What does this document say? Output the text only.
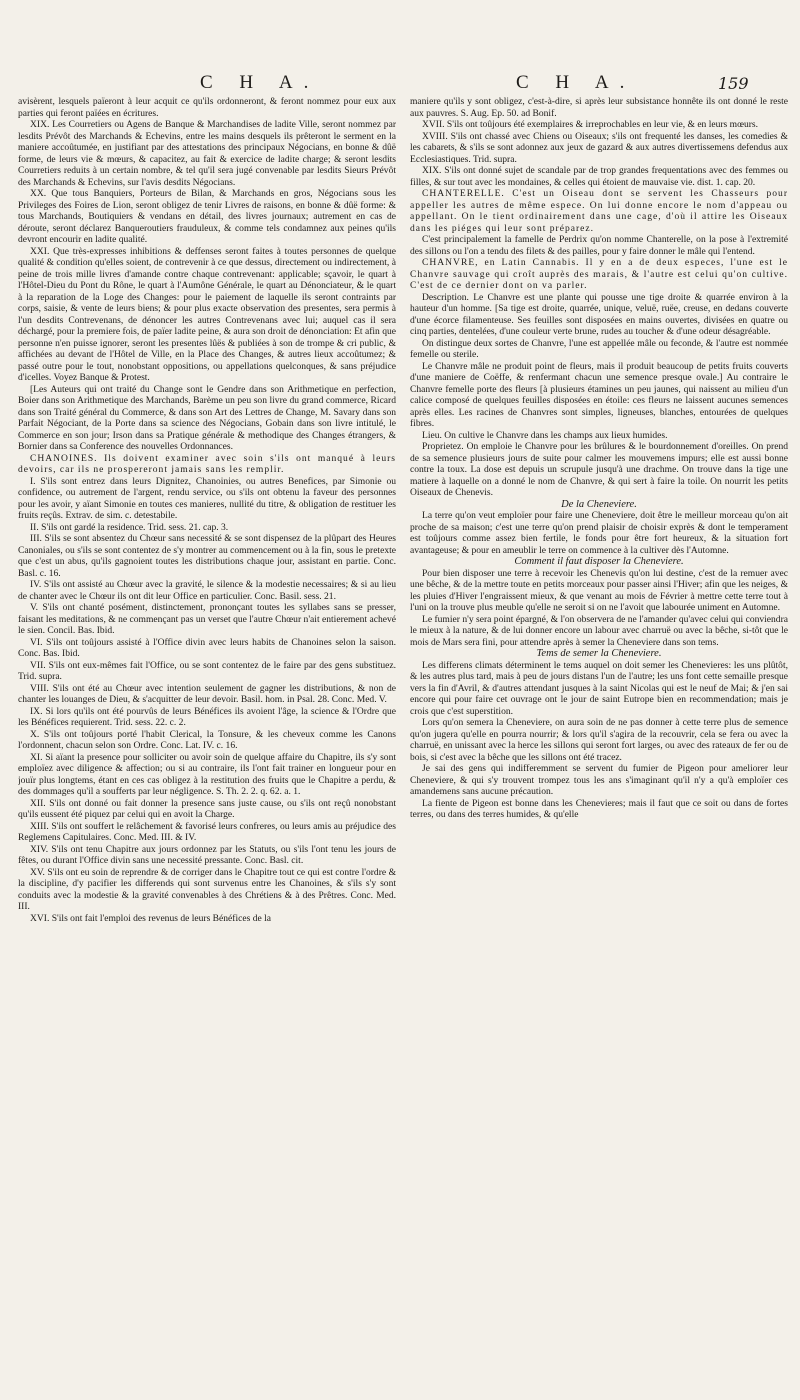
C H A.	C H A.	159

avisèrent, lesquels païeront à leur acquit ce qu'ils ordonneront, & feront nommez pour eux aux parties qui feront païées en écritures.

XIX. Les Courretiers ou Agens de Banque & Marchandises de ladite Ville, seront nommez par lesdits Prévôt des Marchands & Echevins, entre les mains desquels ils prêteront le serment en la maniere accoûtumée, en justifiant par des attestations des principaux Négocians, en bonne & dûë forme, de leurs vie & mœurs, & capacitez, au fait & exercice de ladite charge; & seront lesdits Courretiers reduits à un certain nombre, & tel qu'il sera jugé convenable par lesdits Sieurs Prévôt des Marchands & Echevins, sur l'avis desdits Négocians.

XX. Que tous Banquiers, Porteurs de Bilan, & Marchands en gros, Négocians sous les Privileges des Foires de Lion, seront obligez de tenir Livres de raisons, en bonne & dûë forme: & tous Marchands, Boutiquiers & vendans en détail, des livres journaux; autrement en cas de déroute, seront déclarez Banqueroutiers frauduleux, & comme tels condamnez aux peines qu'ils devront encourir en ladite qualité.

XXI. Que très-expresses inhibitions & deffenses seront faites à toutes personnes de quelque qualité & condition qu'elles soient, de contrevenir à ce que dessus, directement ou indirectement, à peine de trois mille livres d'amande contre chaque contrevenant: applicable; sçavoir, le quart à l'Hôtel-Dieu du Pont du Rône, le quart à l'Aumône Générale, le quart au Dénonciateur, & le quart à la reparation de la Loge des Changes: pour le paiement de laquelle ils seront contraints par corps, saisie, & vente de leurs biens; & pour plus exacte observation des presentes, sera permis à l'un desdits Contrevenans, de dénoncer les autres Contrevenans avec lui; auquel cas il sera déchargé, pour la premiere fois, de païer ladite peine, & aura son droit de dénonciation: Et afin que personne n'en puisse ignorer, seront les presentes lûës & publiées à son de trompe & cri public, & affichées au devant de l'Hôtel de Ville, en la Place des Changes, & autres lieux accoûtumez; & passé outre pour le tout, nonobstant oppositions, ou appellations quelconques, & sans préjudice d'icelles. Voyez Banque & Protest.

[Les Auteurs qui ont traité du Change sont le Gendre dans son Arithmetique en perfection, Boier dans son Arithmetique des Marchands, Barème un peu son livre du grand commerce, Ricard dans son Traité général du Commerce, & dans son Art des Lettres de Change, M. Savary dans son Parfait Négociant, de la Porte dans sa science des Négocians, Gobain dans son livre intitulé, le Commerce en son jour; Irson dans sa Pratique générale & methodique des Changes étrangers, & Bornier dans sa Conference des nouvelles Ordonnances.

CHANOINES. Ils doivent examiner avec soin s'ils ont manqué à leurs devoirs, car ils ne prospereront jamais sans les remplir.

I. S'ils sont entrez dans leurs Dignitez, Chanoinies, ou autres Benefices, par Simonie ou confidence, ou autrement de l'argent, rendu service, ou s'ils ont obtenu la faveur des personnes pour les avoir, y aïant Simonie en toutes ces manieres, nullité du titre, & obligation de restituer les fruits reçûs. Extrav. de sim. c. detestabile.

II. S'ils ont gardé la residence. Trid. sess. 21. cap. 3.

III. S'ils se sont absentez du Chœur sans necessité & se sont dispensez de la plûpart des Heures Canoniales, ou s'ils se sont contentez de s'y montrer au commencement ou à la fin, sous le pretexte que c'est un abus, qu'ils gagnoient toutes les distributions chaque jour, assistant en partie. Conc. Basl. c. 16.

IV. S'ils ont assisté au Chœur avec la gravité, le silence & la modestie necessaires; & si au lieu de chanter avec le Chœur ils ont dit leur Office en particulier. Conc. Basil. sess. 21.

V. S'ils ont chanté posément, distinctement, prononçant toutes les syllabes sans se presser, faisant les meditations, & ne commençant pas un verset que l'autre Chœur n'ait entierement achevé le sien. Concil. Bas. Ibid.

VI. S'ils ont toûjours assisté à l'Office divin avec leurs habits de Chanoines selon la saison. Conc. Bas. Ibid.

VII. S'ils ont eux-mêmes fait l'Office, ou se sont contentez de le faire par des gens substituez. Trid. supra.

VIII. S'ils ont été au Chœur avec intention seulement de gagner les distributions, & non de chanter les louanges de Dieu, & s'acquitter de leur devoir. Basil. hom. in Psal. 28. Conc. Med. V.

IX. Si lors qu'ils ont été pourvûs de leurs Bénéfices ils avoient l'âge, la science & l'Ordre que les Bénéfices requierent. Trid. sess. 22. c. 2.

X. S'ils ont toûjours porté l'habit Clerical, la Tonsure, & les cheveux comme les Canons l'ordonnent, chacun selon son Ordre. Conc. Lat. IV. c. 16.

XI. Si aïant la presence pour solliciter ou avoir soin de quelque affaire du Chapitre, ils s'y sont emploïez avec diligence & affection; ou si au contraire, ils l'ont fait trainer en longueur pour en jouïr plus longtems, étant en ces cas obligez à la restitution des fruits que le Chapitre a perdu, & des dommages qu'il a soufferts par leur négligence. S. Th. 2. 2. q. 62. a. 1.

XII. S'ils ont donné ou fait donner la presence sans juste cause, ou s'ils ont reçû nonobstant qu'ils eussent été piquez par celui qui en avoit la Charge.

XIII. S'ils ont souffert le relâchement & favorisé leurs confreres, ou leurs amis au préjudice des Reglemens Capitulaires. Conc. Med. III. & IV.

XIV. S'ils ont tenu Chapitre aux jours ordonnez par les Statuts, ou s'ils l'ont tenu les jours de fêtes, ou durant l'Office divin sans une necessité pressante. Conc. Basl. cit.

XV. S'ils ont eu soin de reprendre & de corriger dans le Chapitre tout ce qui est contre l'ordre & la discipline, d'y pacifier les differends qui sont survenus entre les Chanoines, & s'ils s'y sont conduits avec la modestie & la gravité convenables à des Chrétiens & à des Prêtres. Conc. Med. III.

XVI. S'ils ont fait l'emploi des revenus de leurs Bénéfices de la

maniere qu'ils y sont obligez, c'est-à-dire, si après leur subsistance honnête ils ont donné le reste aux pauvres. S. Aug. Ep. 50. ad Bonif.

XVII. S'ils ont toûjours été exemplaires & irreprochables en leur vie, & en leurs mœurs.

XVIII. S'ils ont chassé avec Chiens ou Oiseaux; s'ils ont frequenté les danses, les comedies & les cabarets, & s'ils se sont adonnez aux jeux de gazard & aux autres divertissemens defendus aux Ecclesiastiques. Trid. supra.

XIX. S'ils ont donné sujet de scandale par de trop grandes frequentations avec des femmes ou filles, & sur tout avec les mondaines, & celles qui étoient de mauvaise vie. dist. 1. cap. 20.

CHANTERELLE. C'est un Oiseau dont se servent les Chasseurs pour appeller les autres de même espece. On lui donne encore le nom d'appeau ou appellant. On le tient ordinairement dans une cage, d'où il attire les Oiseaux dans les piéges qui leur sont préparez.

C'est principalement la famelle de Perdrix qu'on nomme Chanterelle, on la pose à l'extremité des sillons ou l'on a tendu des filets & des pailles, pour y faire donner le mâle qui l'entend.

CHANVRE, en Latin Cannabis. Il y en a de deux especes, l'une est le Chanvre sauvage qui croît auprès des marais, & l'autre est celui qu'on cultive. C'est de ce dernier dont on va parler.

Description. Le Chanvre est une plante qui pousse une tige droite & quarrée environ à la hauteur d'un homme. [Sa tige est droite, quarrée, unique, veluë, ruëe, creuse, en dedans couverte d'une écorce filamenteuse. Ses feuilles sont disposées en mains ouvertes, divisées en quatre ou cinq parties, dentelées, d'une couleur verte brune, rudes au toucher & d'une odeur désagréable.

On distingue deux sortes de Chanvre, l'une est appellée mâle ou feconde, & l'autre est nommée femelle ou sterile.

Le Chanvre mâle ne produit point de fleurs, mais il produit beaucoup de petits fruits couverts d'une maniere de Coëffe, & renfermant chacun une semence presque ovale.] Au contraire le Chanvre femelle porte des fleurs [à plusieurs étamines un peu jaunes, qui naissent au milieu d'un calice composé de quelques feuilles disposées en étoile: ces fleurs ne laissent aucunes semences après elles. Les racines de Chanvres sont simples, ligneuses, blanches, entourées de quelques fibres.

Lieu. On cultive le Chanvre dans les champs aux lieux humides.

Proprietez. On emploie le Chanvre pour les brûlures & le bourdonnement d'oreilles. On prend de sa semence plusieurs jours de suite pour calmer les mouvemens impurs; elle est aussi bonne contre la toux. La dose est depuis un scrupule jusqu'à une drachme. On trouve dans la tige une matiere à laquelle on a donné le nom de Chanvre, & qui sert à faire la toile. On nourrit les petits Oiseaux de Chenevis.

De la Cheneviere.

La terre qu'on veut emploïer pour faire une Cheneviere, doit être le meilleur morceau qu'on ait proche de sa maison; c'est une terre qu'on prend plaisir de choisir exprès & dont le temperament est toûjours comme assez bien fertile, le fonds pour être fort heureux, & la situation fort avantageuse; & pour en ameublir le terre on commence à la cultiver dès l'Automne.

Comment il faut disposer la Cheneviere.

Pour bien disposer une terre à recevoir les Chenevis qu'on lui destine, c'est de la remuer avec une bêche, & de la mettre toute en petits morceaux pour passer ainsi l'Hiver; afin que les neiges, & les pluies d'Hiver l'engraissent mieux, & que venant au mois de Février à mettre cette terre tout à l'uni on la trouve plus meuble qu'elle ne seroit si on ne l'avoit que labourée uniment en Automne.

Le fumier n'y sera point épargné, & l'on observera de ne l'amander qu'avec celui qui conviendra le mieux à la nature, & de lui donner encore un labour avec charruë ou avec la bêche, si-tôt que le mois de Mars sera fini, pour attendre après à semer la Cheneviere dans son tems.

Tems de semer la Cheneviere.

Les differens climats déterminent le tems auquel on doit semer les Chenevieres: les uns plûtôt, & les autres plus tard, mais à peu de jours distans l'un de l'autre; les uns font cette semaille presque vers la fin d'Avril, & d'autres attendant jusques à la saint Nicolas qui est le neuf de Mai; & j'en sai encore qui pour faire cet ouvrage ont le jour de saint Eutrope bien en recommendation; mais je crois que c'est superstition.

Lors qu'on semera la Cheneviere, on aura soin de ne pas donner à cette terre plus de semence qu'on jugera qu'elle en pourra nourrir; & lors qu'il s'agira de la recouvrir, cela se fera ou avec la charruë, en unissant avec la herce les sillons qui seront fort larges, ou avec des rateaux de fer ou de bois, si c'est avec la bêche que les sillons ont été tracez.

Je sai des gens qui indifferemment se servent du fumier de Pigeon pour ameliorer leur Cheneviere, & qui s'y trouvent trompez tous les ans s'imaginant qu'il n'y a qu'à emploïer ces amandemens sans aucune précaution.

La fiente de Pigeon est bonne dans les Chenevieres; mais il faut que ce soit ou dans de fortes terres, ou dans des terres humides, & qu'elle
